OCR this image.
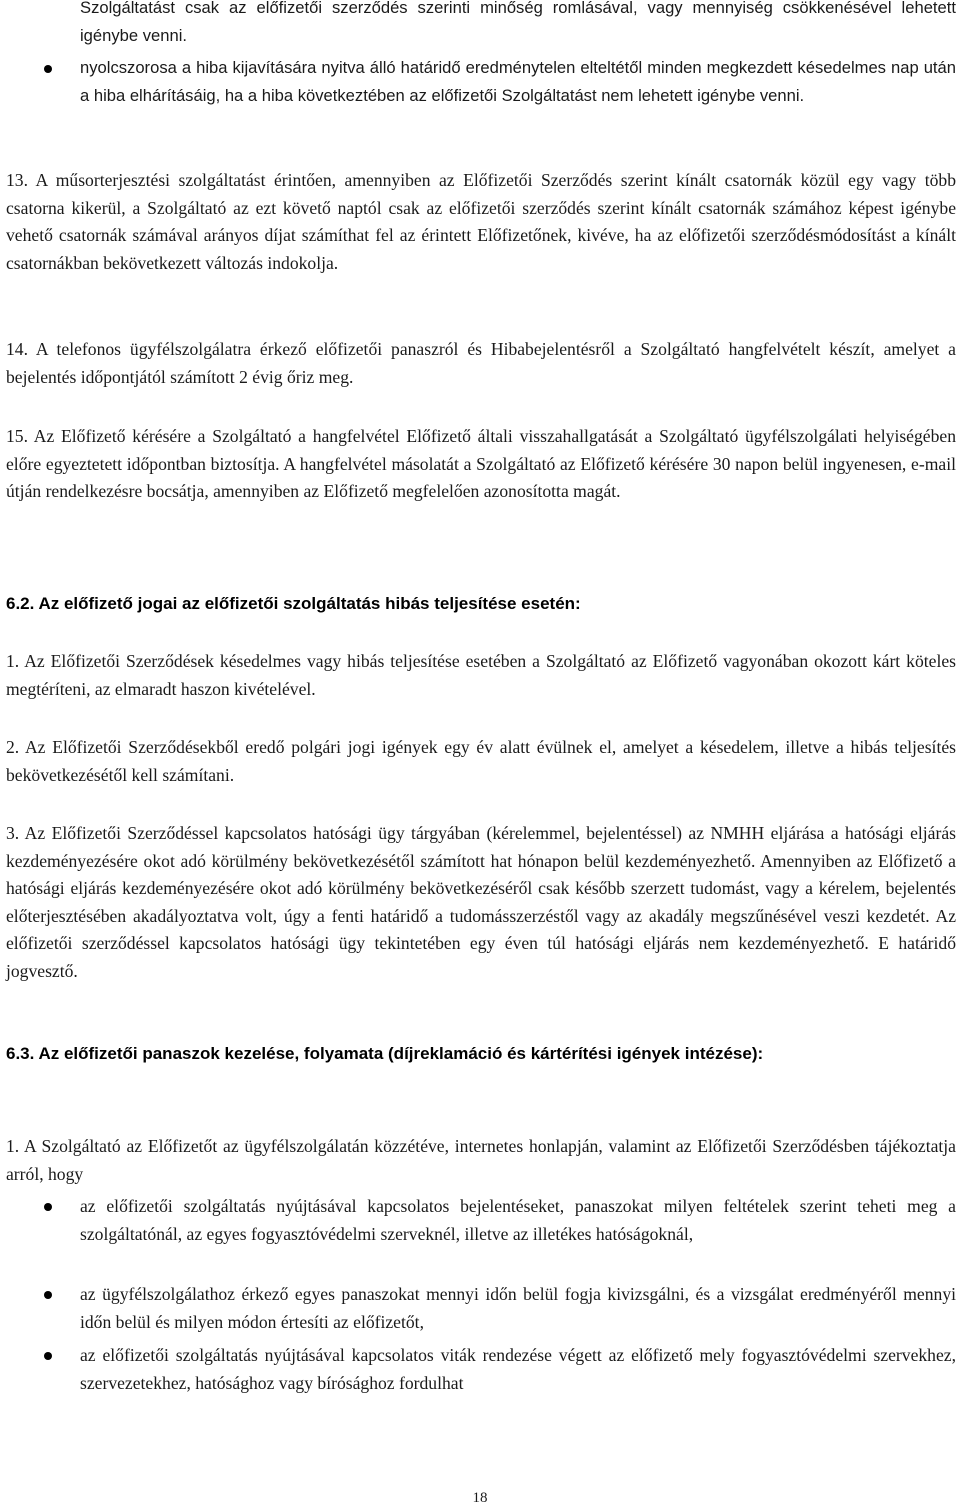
Szolgáltatást csak az előfizetői szerződés szerinti minőség romlásával, vagy mennyiség csökkenésével lehetett igénybe venni.

nyolcszorosa a hiba kijavítására nyitva álló határidő eredménytelen elteltétől minden megkezdett késedelmes nap után a hiba elhárításáig, ha a hiba következtében az előfizetői Szolgáltatást nem lehetett igénybe venni.

13. A műsorterjesztési szolgáltatást érintően, amennyiben az Előfizetői Szerződés szerint kínált csatornák közül egy vagy több csatorna kikerül, a Szolgáltató az ezt követő naptól csak az előfizetői szerződés szerint kínált csatornák számához képest igénybe vehető csatornák számával arányos díjat számíthat fel az érintett Előfizetőnek, kivéve, ha az előfizetői szerződésmódosítást a kínált csatornákban bekövetkezett változás indokolja.

14. A telefonos ügyfélszolgálatra érkező előfizetői panaszról és Hibabejelentésről a Szolgáltató hangfelvételt készít, amelyet a bejelentés időpontjától számított 2 évig őriz meg.

15. Az Előfizető kérésére a Szolgáltató a hangfelvétel Előfizető általi visszahallgatását a Szolgáltató ügyfélszolgálati helyiségében előre egyeztetett időpontban biztosítja. A hangfelvétel másolatát a Szolgáltató az Előfizető kérésére 30 napon belül ingyenesen, e-mail útján rendelkezésre bocsátja, amennyiben az Előfizető megfelelően azonosította magát.

6.2. Az előfizető jogai az előfizetői szolgáltatás hibás teljesítése esetén:

1. Az Előfizetői Szerződések késedelmes vagy hibás teljesítése esetében a Szolgáltató az Előfizető vagyonában okozott kárt köteles megtéríteni, az elmaradt haszon kivételével.

2. Az Előfizetői Szerződésekből eredő polgári jogi igények egy év alatt évülnek el, amelyet a késedelem, illetve a hibás teljesítés bekövetkezésétől kell számítani.

3. Az Előfizetői Szerződéssel kapcsolatos hatósági ügy tárgyában (kérelemmel, bejelentéssel) az NMHH eljárása a hatósági eljárás kezdeményezésére okot adó körülmény bekövetkezésétől számított hat hónapon belül kezdeményezhető. Amennyiben az Előfizető a hatósági eljárás kezdeményezésére okot adó körülmény bekövetkezéséről csak később szerzett tudomást, vagy a kérelem, bejelentés előterjesztésében akadályoztatva volt, úgy a fenti határidő a tudomásszerzéstől vagy az akadály megszűnésével veszi kezdetét. Az előfizetői szerződéssel kapcsolatos hatósági ügy tekintetében egy éven túl hatósági eljárás nem kezdeményezhető. E határidő jogvesztő.

6.3. Az előfizetői panaszok kezelése, folyamata (díjreklamáció és kártérítési igények intézése):

1. A Szolgáltató az Előfizetőt az ügyfélszolgálatán közzétéve, internetes honlapján, valamint az Előfizetői Szerződésben tájékoztatja arról, hogy

az előfizetői szolgáltatás nyújtásával kapcsolatos bejelentéseket, panaszokat milyen feltételek szerint teheti meg a szolgáltatónál, az egyes fogyasztóvédelmi szerveknél, illetve az illetékes hatóságoknál,

az ügyfélszolgálathoz érkező egyes panaszokat mennyi időn belül fogja kivizsgálni, és a vizsgálat eredményéről mennyi időn belül és milyen módon értesíti az előfizetőt,

az előfizetői szolgáltatás nyújtásával kapcsolatos viták rendezése végett az előfizető mely fogyasztóvédelmi szervekhez, szervezetekhez, hatósághoz vagy bírósághoz fordulhat

18
